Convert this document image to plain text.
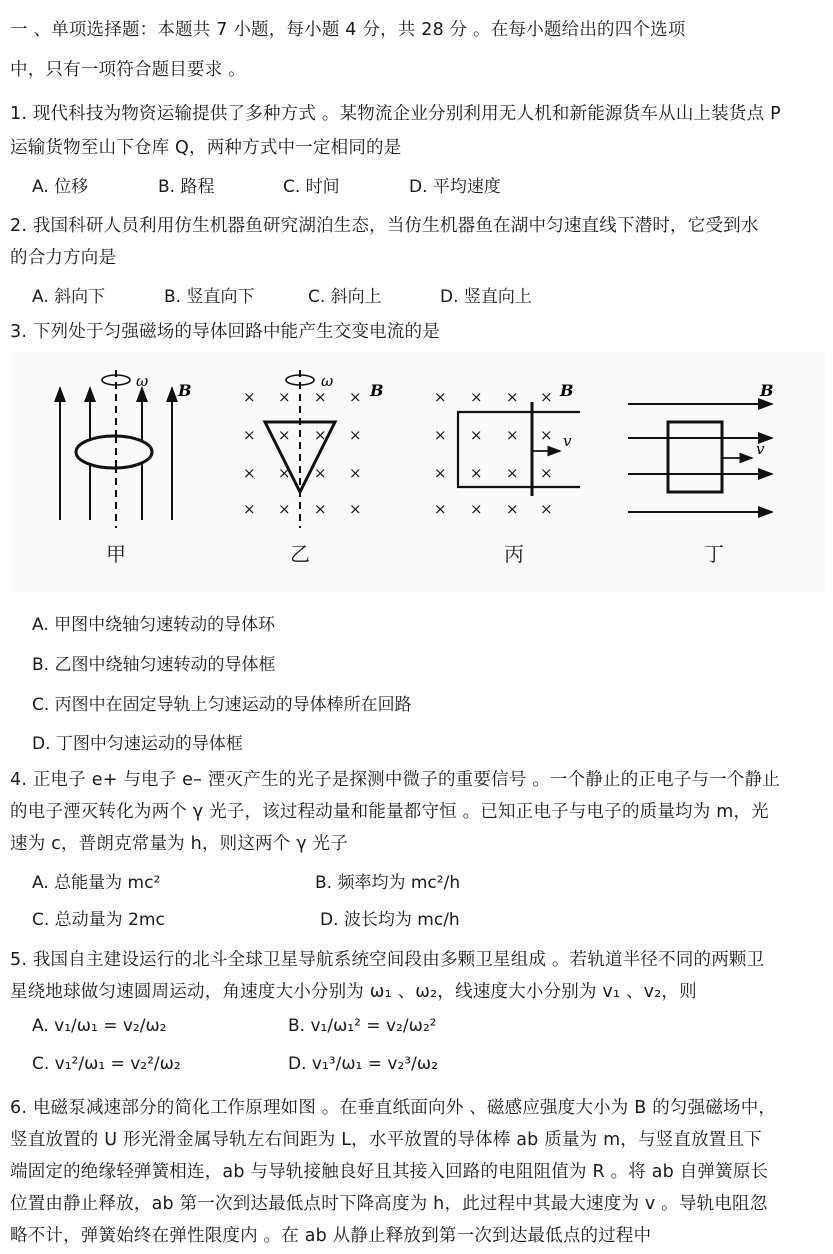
一 、单项选择题：本题共 7 小题，每小题 4 分，共 28 分 。在每小题给出的四个选项
中，只有一项符合题目要求 。
1. 现代科技为物资运输提供了多种方式 。某物流企业分别利用无人机和新能源货车从山上装货点 P
运输货物至山下仓库 Q，两种方式中一定相同的是
A. 位移	B. 路程	C. 时间	D. 平均速度
2. 我国科研人员利用仿生机器鱼研究湖泊生态，当仿生机器鱼在湖中匀速直线下潜时，它受到水
的合力方向是
A. 斜向下	B. 竖直向下	C. 斜向上	D. 竖直向上
3. 下列处于匀强磁场的导体回路中能产生交变电流的是
ω B
甲
× × × ×
× × × ×
× × × ×
× × × ×
ω B
乙
× × × ×
× × × ×
× × × ×
× × × ×
v
B
丙
v
B
丁
A. 甲图中绕轴匀速转动的导体环
B. 乙图中绕轴匀速转动的导体框
C. 丙图中在固定导轨上匀速运动的导体棒所在回路
D. 丁图中匀速运动的导体框
4. 正电子 e+ 与电子 e– 湮灭产生的光子是探测中微子的重要信号 。一个静止的正电子与一个静止
的电子湮灭转化为两个 γ 光子，该过程动量和能量都守恒 。已知正电子与电子的质量均为 m，光
速为 c，普朗克常量为 h，则这两个 γ 光子
A. 总能量为 mc²	B. 频率均为 mc²/h
C. 总动量为 2mc	D. 波长均为 mc/h
5. 我国自主建设运行的北斗全球卫星导航系统空间段由多颗卫星组成 。若轨道半径不同的两颗卫
星绕地球做匀速圆周运动，角速度大小分别为 ω₁ 、ω₂，线速度大小分别为 v₁ 、v₂，则
A. v₁/ω₁ = v₂/ω₂	B. v₁/ω₁² = v₂/ω₂²
C. v₁²/ω₁ = v₂²/ω₂	D. v₁³/ω₁ = v₂³/ω₂
6. 电磁泵减速部分的简化工作原理如图 。在垂直纸面向外 、磁感应强度大小为 B 的匀强磁场中，
竖直放置的 U 形光滑金属导轨左右间距为 L，水平放置的导体棒 ab 质量为 m，与竖直放置且下
端固定的绝缘轻弹簧相连，ab 与导轨接触良好且其接入回路的电阻阻值为 R 。将 ab 自弹簧原长
位置由静止释放，ab 第一次到达最低点时下降高度为 h，此过程中其最大速度为 v 。导轨电阻忽
略不计，弹簧始终在弹性限度内 。在 ab 从静止释放到第一次到达最低点的过程中
